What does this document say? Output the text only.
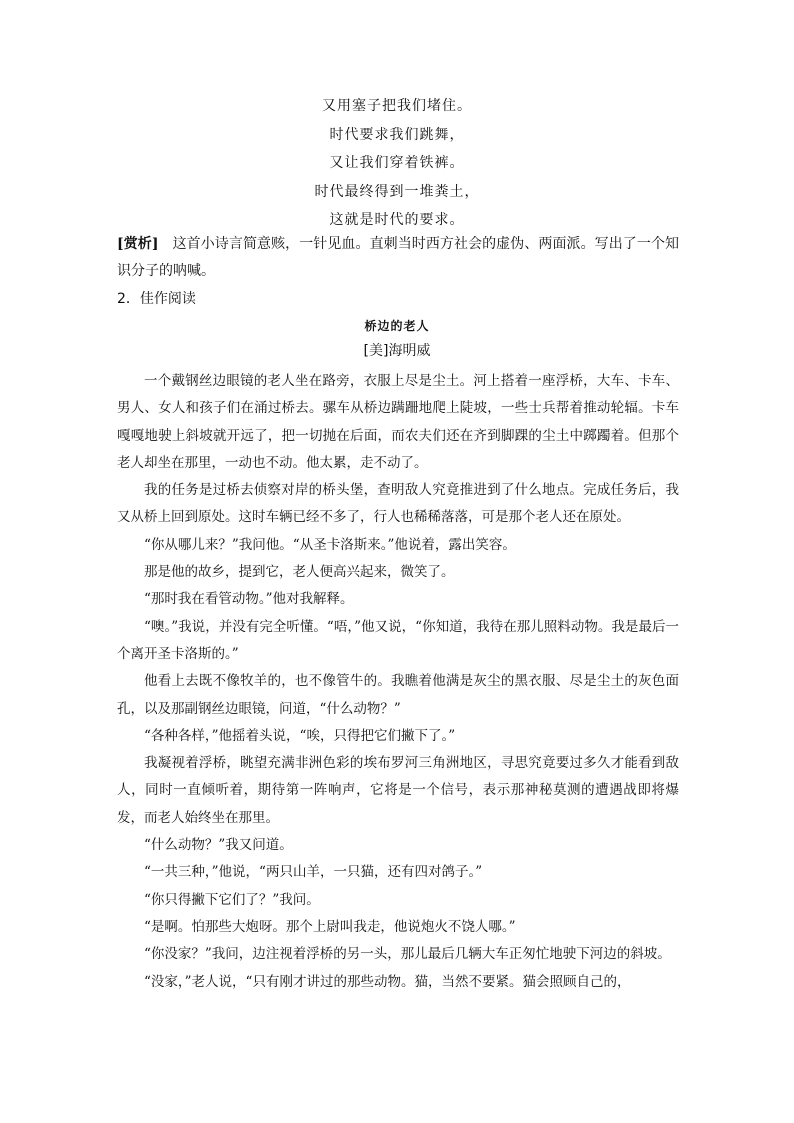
又用塞子把我们堵住。
时代要求我们跳舞，
又让我们穿着铁裤。
时代最终得到一堆粪土，
这就是时代的要求。
[赏析]　这首小诗言简意赅，一针见血。直刺当时西方社会的虚伪、两面派。写出了一个知识分子的呐喊。
2．佳作阅读
桥边的老人
[美]海明威

一个戴钢丝边眼镜的老人坐在路旁，衣服上尽是尘土。河上搭着一座浮桥，大车、卡车、男人、女人和孩子们在涌过桥去。骡车从桥边蹒跚地爬上陡坡，一些士兵帮着推动轮辐。卡车嘎嘎地驶上斜坡就开远了，把一切抛在后面，而农夫们还在齐到脚踝的尘土中踯躅着。但那个老人却坐在那里，一动也不动。他太累，走不动了。

我的任务是过桥去侦察对岸的桥头堡，查明敌人究竟推进到了什么地点。完成任务后，我又从桥上回到原处。这时车辆已经不多了，行人也稀稀落落，可是那个老人还在原处。

“你从哪儿来？”我问他。“从圣卡洛斯来。”他说着，露出笑容。

那是他的故乡，提到它，老人便高兴起来，微笑了。

“那时我在看管动物。”他对我解释。

“噢。”我说，并没有完全听懂。“唔，”他又说，“你知道，我待在那儿照料动物。我是最后一个离开圣卡洛斯的。”

他看上去既不像牧羊的，也不像管牛的。我瞧着他满是灰尘的黑衣服、尽是尘土的灰色面孔，以及那副钢丝边眼镜，问道，“什么动物？”

“各种各样，”他摇着头说，“唉，只得把它们撇下了。”

我凝视着浮桥，眺望充满非洲色彩的埃布罗河三角洲地区，寻思究竟要过多久才能看到敌人，同时一直倾听着，期待第一阵响声，它将是一个信号，表示那神秘莫测的遭遇战即将爆发，而老人始终坐在那里。

“什么动物？”我又问道。

“一共三种，”他说，“两只山羊，一只猫，还有四对鸽子。”

“你只得撇下它们了？”我问。

“是啊。怕那些大炮呀。那个上尉叫我走，他说炮火不饶人哪。”

“你没家？”我问，边注视着浮桥的另一头，那儿最后几辆大车正匆忙地驶下河边的斜坡。

“没家，”老人说，“只有刚才讲过的那些动物。猫，当然不要紧。猫会照顾自己的，
